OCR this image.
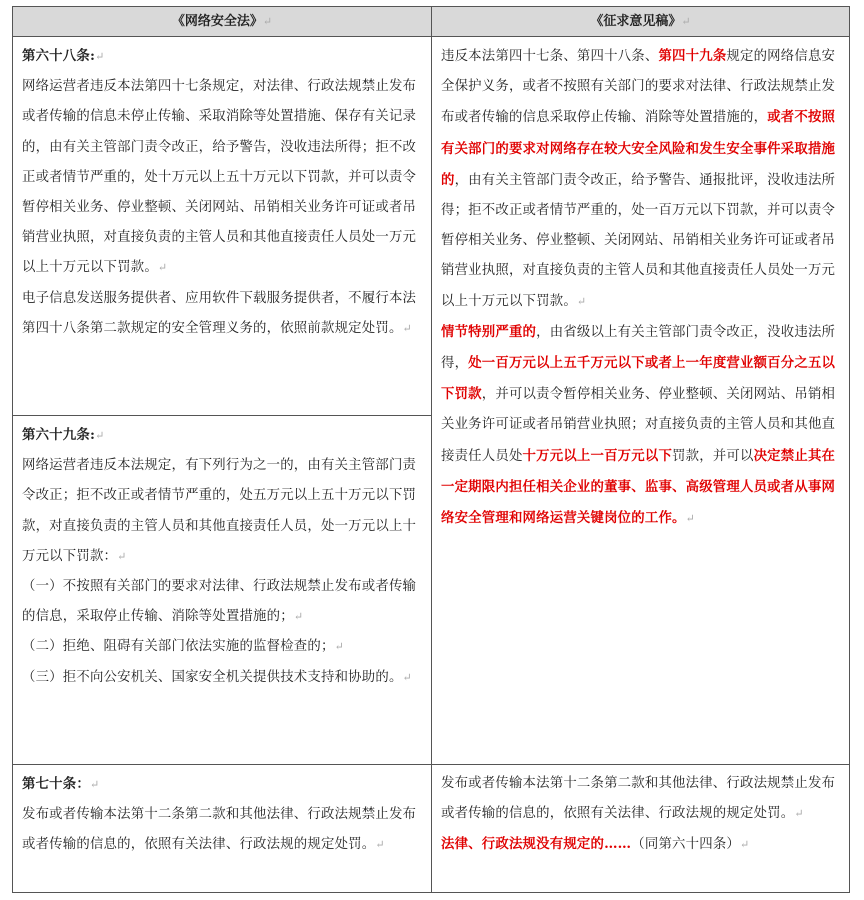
《网络安全法》↵

第六十八条:↵

网络运营者违反本法第四十七条规定，对法律、行政法规禁止发布或者传输的信息未停止传输、采取消除等处置措施、保存有关记录的，由有关主管部门责令改正，给予警告，没收违法所得；拒不改正或者情节严重的，处十万元以上五十万元以下罚款，并可以责令暂停相关业务、停业整顿、关闭网站、吊销相关业务许可证或者吊销营业执照，对直接负责的主管人员和其他直接责任人员处一万元以上十万元以下罚款。↵

电子信息发送服务提供者、应用软件下载服务提供者，不履行本法第四十八条第二款规定的安全管理义务的，依照前款规定处罚。↵

第六十九条:↵

网络运营者违反本法规定，有下列行为之一的，由有关主管部门责令改正；拒不改正或者情节严重的，处五万元以上五十万元以下罚款，对直接负责的主管人员和其他直接责任人员，处一万元以上十万元以下罚款：↵

（一）不按照有关部门的要求对法律、行政法规禁止发布或者传输的信息，采取停止传输、消除等处置措施的；↵

（二）拒绝、阻碍有关部门依法实施的监督检查的；↵

（三）拒不向公安机关、国家安全机关提供技术支持和协助的。↵

第七十条：↵

发布或者传输本法第十二条第二款和其他法律、行政法规禁止发布或者传输的信息的，依照有关法律、行政法规的规定处罚。↵

《征求意见稿》↵

违反本法第四十七条、第四十八条、第四十九条规定的网络信息安全保护义务，或者不按照有关部门的要求对法律、行政法规禁止发布或者传输的信息采取停止传输、消除等处置措施的，或者不按照有关部门的要求对网络存在较大安全风险和发生安全事件采取措施的，由有关主管部门责令改正，给予警告、通报批评，没收违法所得；拒不改正或者情节严重的，处一百万元以下罚款，并可以责令暂停相关业务、停业整顿、关闭网站、吊销相关业务许可证或者吊销营业执照，对直接负责的主管人员和其他直接责任人员处一万元以上十万元以下罚款。↵

情节特别严重的，由省级以上有关主管部门责令改正，没收违法所得，处一百万元以上五千万元以下或者上一年度营业额百分之五以下罚款，并可以责令暂停相关业务、停业整顿、关闭网站、吊销相关业务许可证或者吊销营业执照；对直接负责的主管人员和其他直接责任人员处十万元以上一百万元以下罚款，并可以决定禁止其在一定期限内担任相关企业的董事、监事、高级管理人员或者从事网络安全管理和网络运营关键岗位的工作。↵

发布或者传输本法第十二条第二款和其他法律、行政法规禁止发布或者传输的信息的，依照有关法律、行政法规的规定处罚。↵

法律、行政法规没有规定的……（同第六十四条）↵
